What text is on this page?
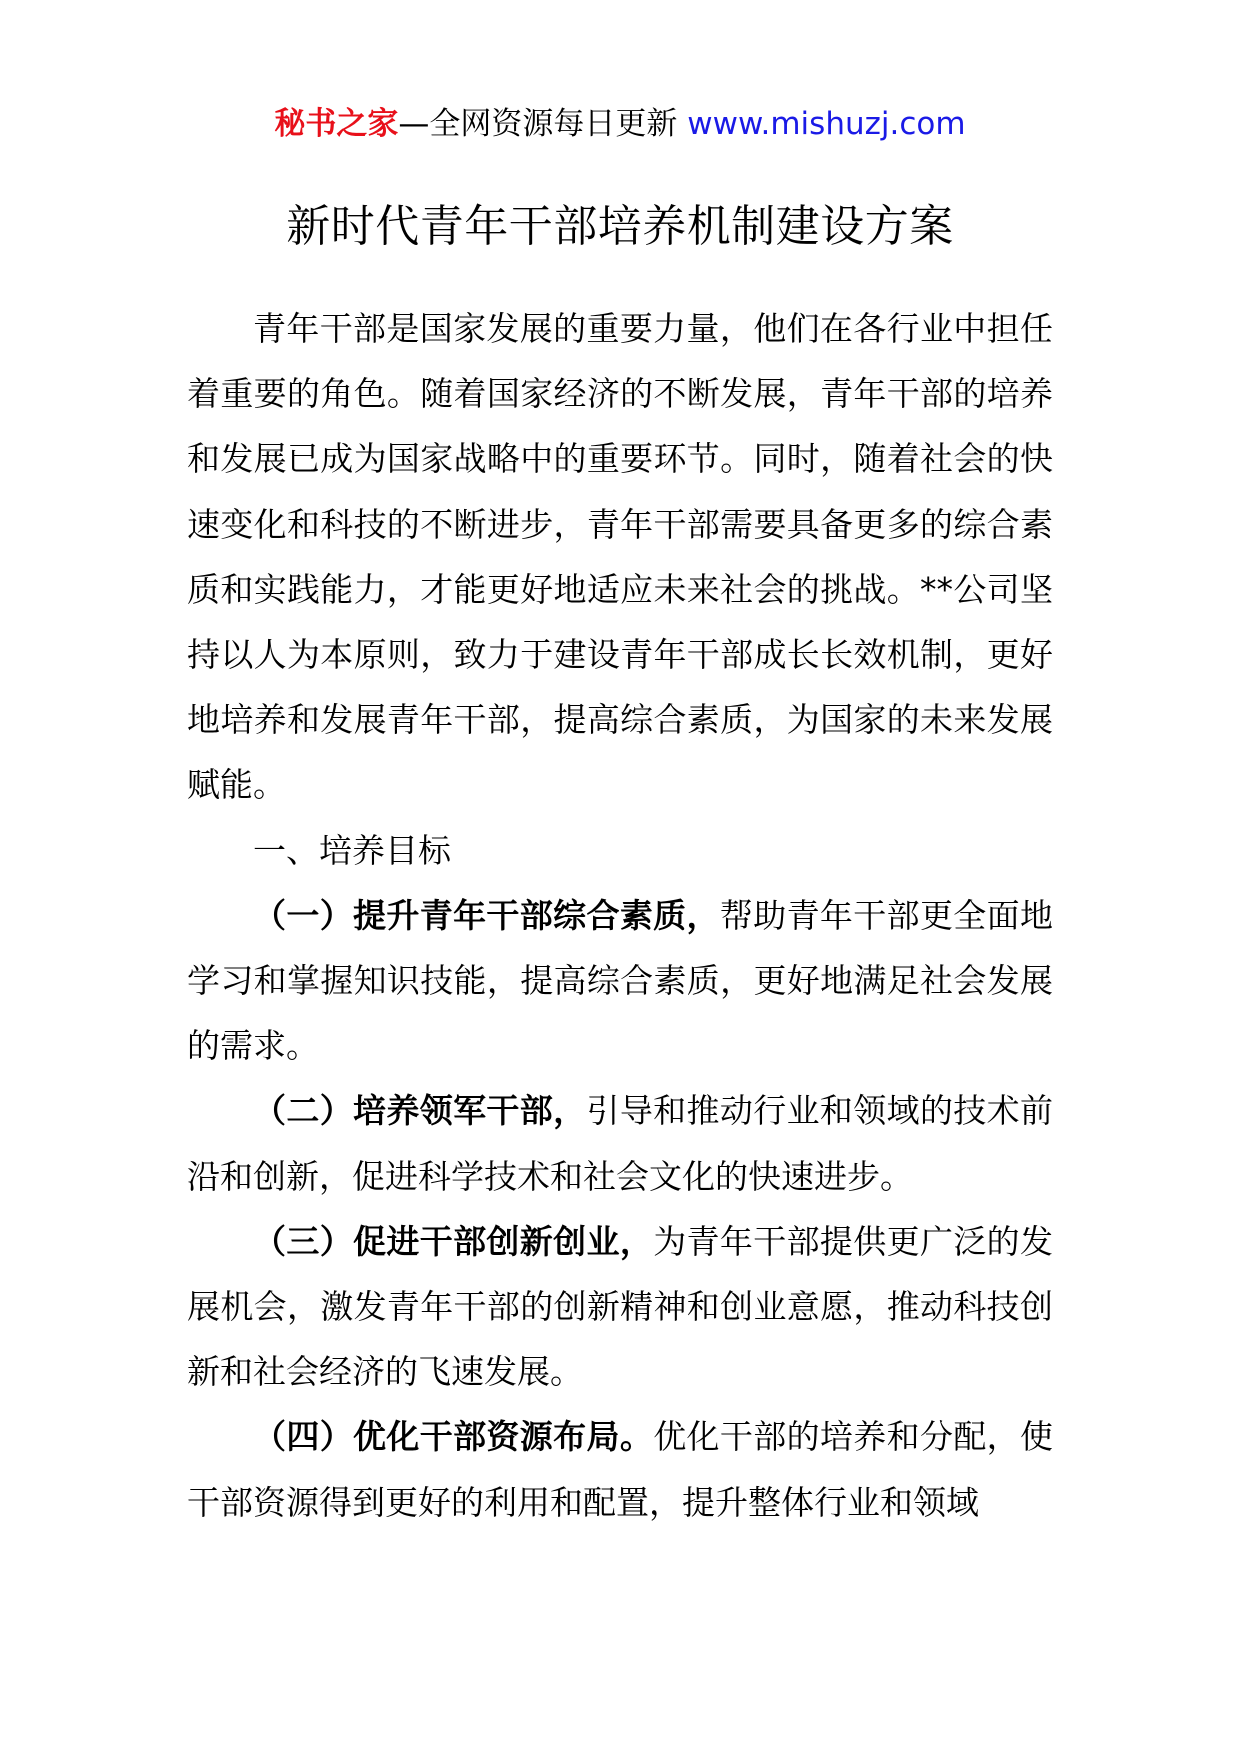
秘书之家—全网资源每日更新 www.mishuzj.com
新时代青年干部培养机制建设方案

青年干部是国家发展的重要力量，他们在各行业中担任着重要的角色。随着国家经济的不断发展，青年干部的培养和发展已成为国家战略中的重要环节。同时，随着社会的快速变化和科技的不断进步，青年干部需要具备更多的综合素质和实践能力，才能更好地适应未来社会的挑战。**公司坚持以人为本原则，致力于建设青年干部成长长效机制，更好地培养和发展青年干部，提高综合素质，为国家的未来发展赋能。

一、培养目标

（一）提升青年干部综合素质，帮助青年干部更全面地学习和掌握知识技能，提高综合素质，更好地满足社会发展的需求。

（二）培养领军干部，引导和推动行业和领域的技术前沿和创新，促进科学技术和社会文化的快速进步。

（三）促进干部创新创业，为青年干部提供更广泛的发展机会，激发青年干部的创新精神和创业意愿，推动科技创新和社会经济的飞速发展。

（四）优化干部资源布局。优化干部的培养和分配，使干部资源得到更好的利用和配置，提升整体行业和领域
